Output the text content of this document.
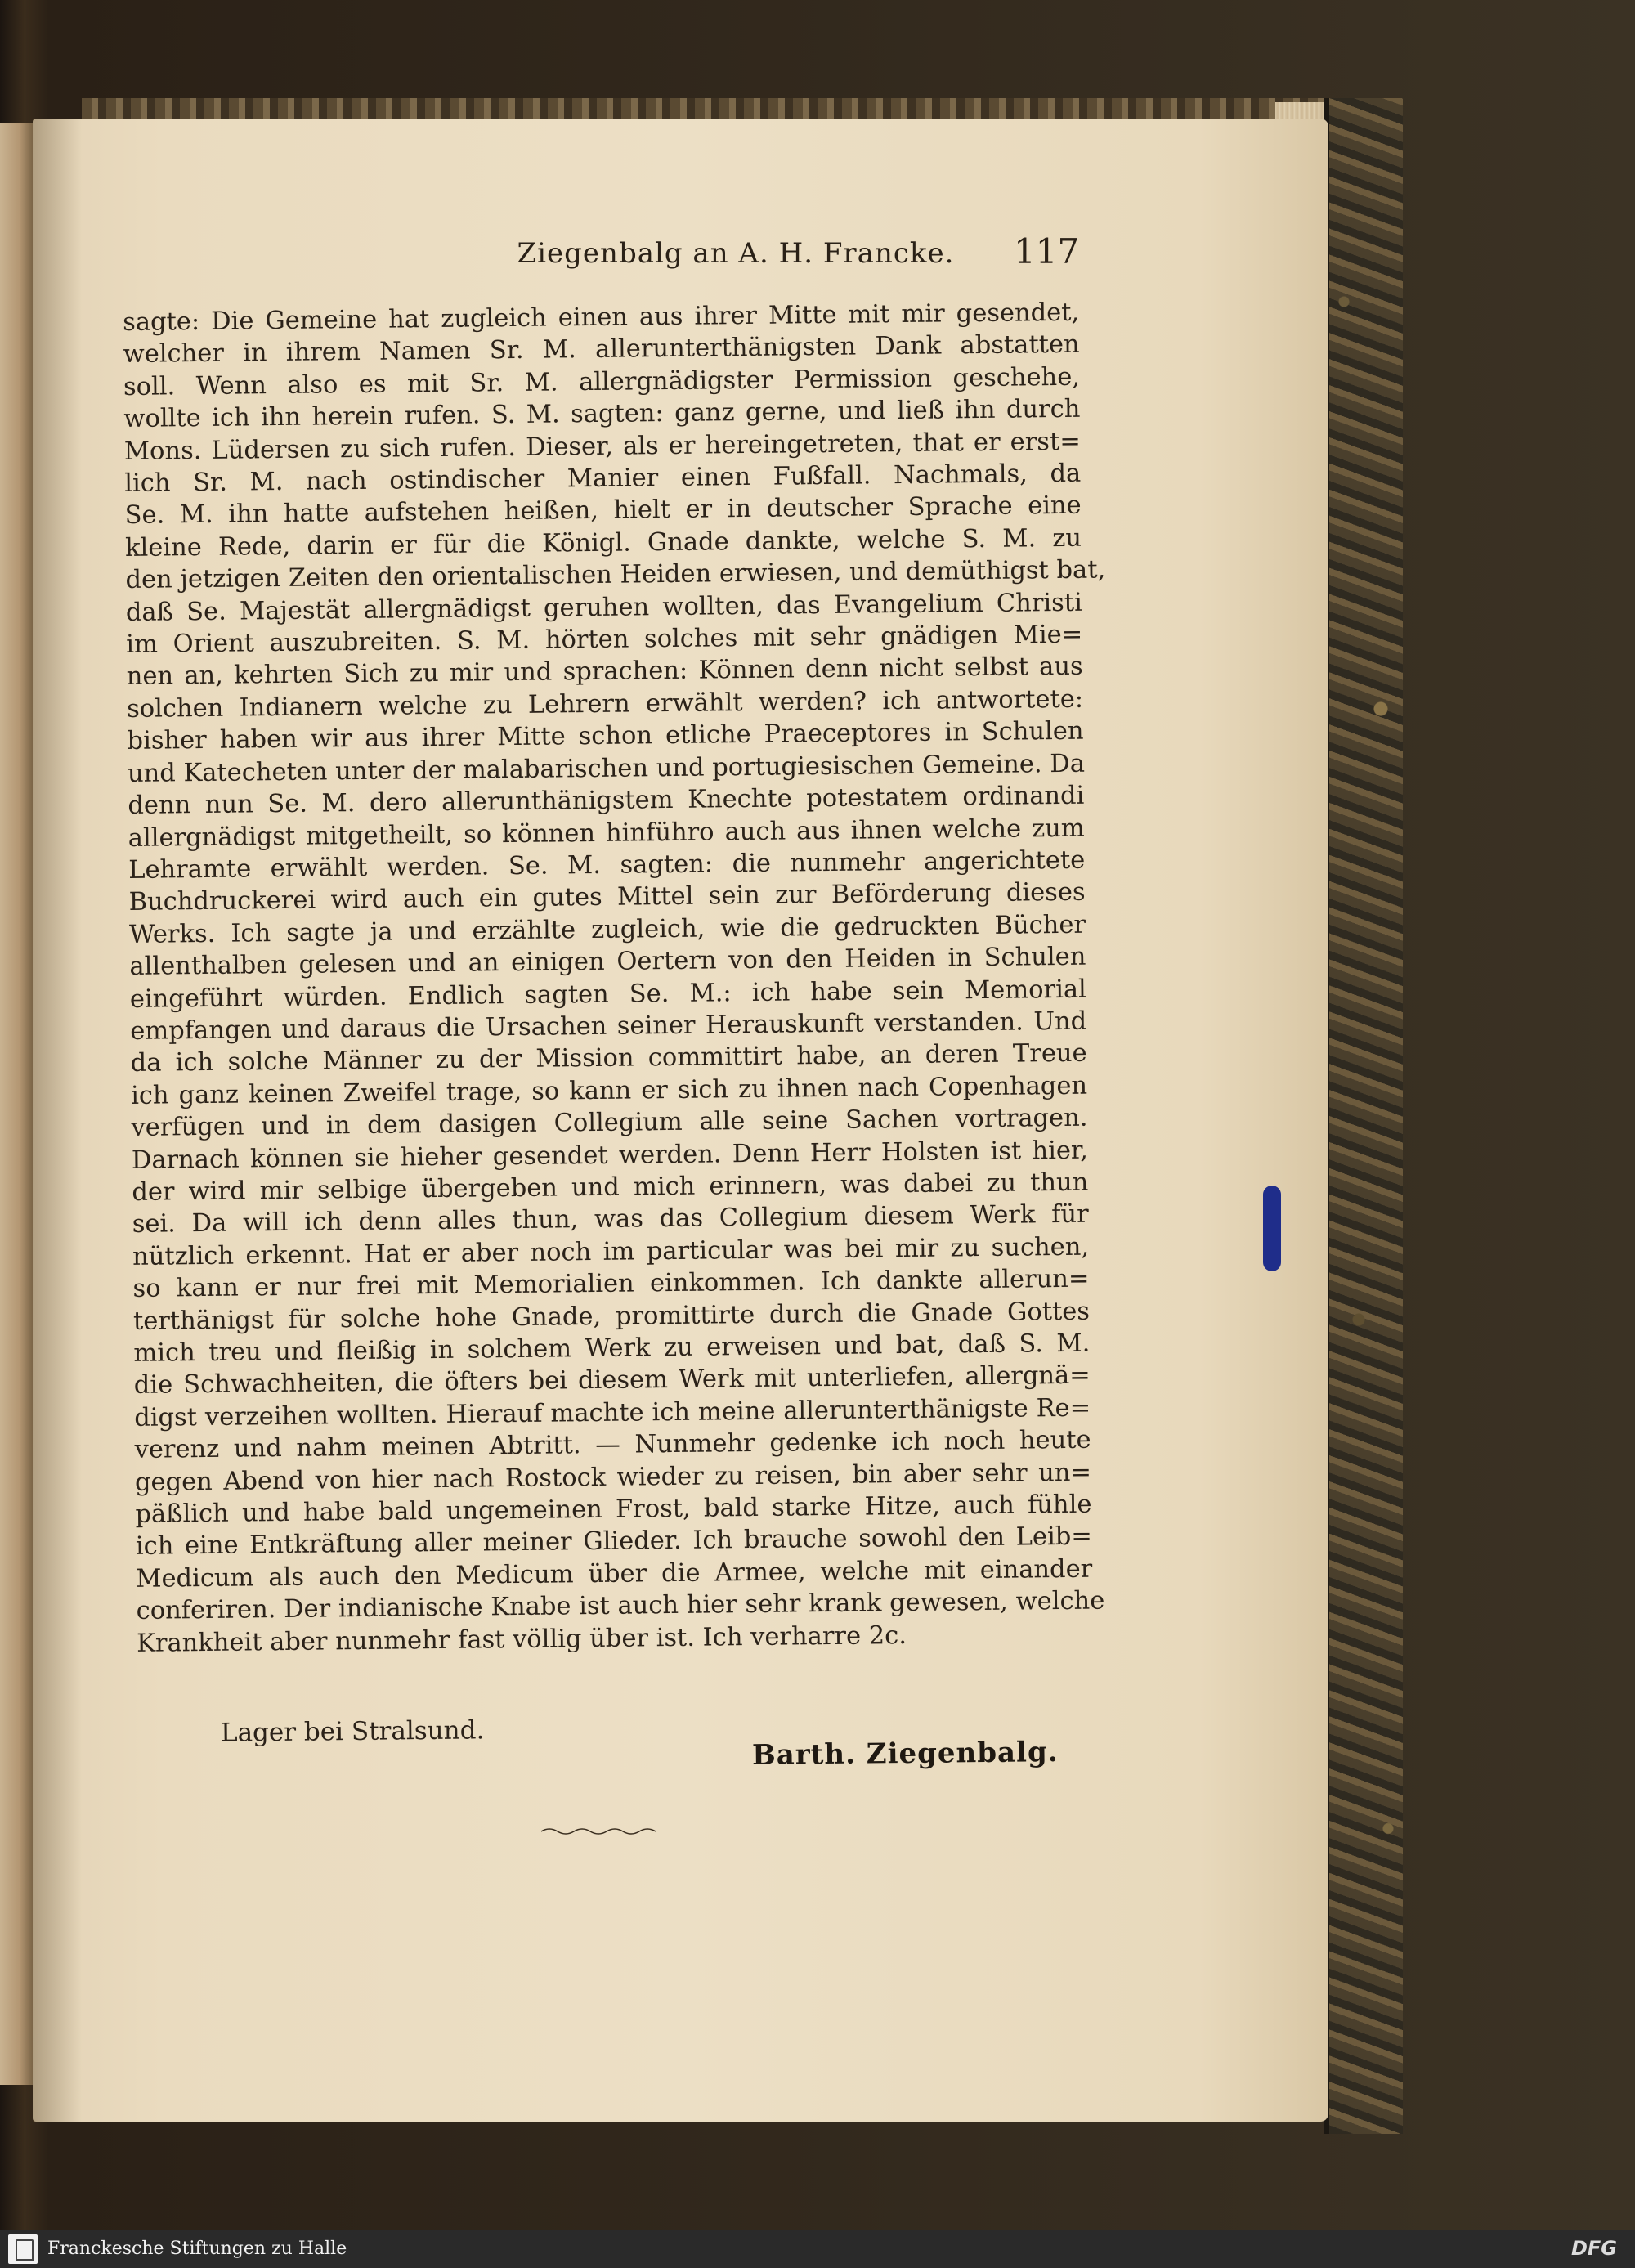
Ziegenbalg an A. H. Francke.	117
sagte: Die Gemeine hat zugleich einen aus ihrer Mitte mit mir gesendet,
welcher in ihrem Namen Sr. M. allerunterthänigsten Dank abstatten
soll. Wenn also es mit Sr. M. allergnädigster Permission geschehe,
wollte ich ihn herein rufen. S. M. sagten: ganz gerne, und ließ ihn durch
Mons. Lüdersen zu sich rufen. Dieser, als er hereingetreten, that er erst=
lich Sr. M. nach ostindischer Manier einen Fußfall. Nachmals, da
Se. M. ihn hatte aufstehen heißen, hielt er in deutscher Sprache eine
kleine Rede, darin er für die Königl. Gnade dankte, welche S. M. zu
den jetzigen Zeiten den orientalischen Heiden erwiesen, und demüthigst bat,
daß Se. Majestät allergnädigst geruhen wollten, das Evangelium Christi
im Orient auszubreiten. S. M. hörten solches mit sehr gnädigen Mie=
nen an, kehrten Sich zu mir und sprachen: Können denn nicht selbst aus
solchen Indianern welche zu Lehrern erwählt werden? ich antwortete:
bisher haben wir aus ihrer Mitte schon etliche Praeceptores in Schulen
und Katecheten unter der malabarischen und portugiesischen Gemeine. Da
denn nun Se. M. dero allerunthänigstem Knechte potestatem ordinandi
allergnädigst mitgetheilt, so können hinführo auch aus ihnen welche zum
Lehramte erwählt werden. Se. M. sagten: die nunmehr angerichtete
Buchdruckerei wird auch ein gutes Mittel sein zur Beförderung dieses
Werks. Ich sagte ja und erzählte zugleich, wie die gedruckten Bücher
allenthalben gelesen und an einigen Oertern von den Heiden in Schulen
eingeführt würden. Endlich sagten Se. M.: ich habe sein Memorial
empfangen und daraus die Ursachen seiner Herauskunft verstanden. Und
da ich solche Männer zu der Mission committirt habe, an deren Treue
ich ganz keinen Zweifel trage, so kann er sich zu ihnen nach Copenhagen
verfügen und in dem dasigen Collegium alle seine Sachen vortragen.
Darnach können sie hieher gesendet werden. Denn Herr Holsten ist hier,
der wird mir selbige übergeben und mich erinnern, was dabei zu thun
sei. Da will ich denn alles thun, was das Collegium diesem Werk für
nützlich erkennt. Hat er aber noch im particular was bei mir zu suchen,
so kann er nur frei mit Memorialien einkommen. Ich dankte allerun=
terthänigst für solche hohe Gnade, promittirte durch die Gnade Gottes
mich treu und fleißig in solchem Werk zu erweisen und bat, daß S. M.
die Schwachheiten, die öfters bei diesem Werk mit unterliefen, allergnä=
digst verzeihen wollten. Hierauf machte ich meine allerunterthänigste Re=
verenz und nahm meinen Abtritt. — Nunmehr gedenke ich noch heute
gegen Abend von hier nach Rostock wieder zu reisen, bin aber sehr un=
päßlich und habe bald ungemeinen Frost, bald starke Hitze, auch fühle
ich eine Entkräftung aller meiner Glieder. Ich brauche sowohl den Leib=
Medicum als auch den Medicum über die Armee, welche mit einander
conferiren. Der indianische Knabe ist auch hier sehr krank gewesen, welche
Krankheit aber nunmehr fast völlig über ist. Ich verharre 2c.
Lager bei Stralsund.
Barth. Ziegenbalg.
Franckesche Stiftungen zu Halle	DFG
